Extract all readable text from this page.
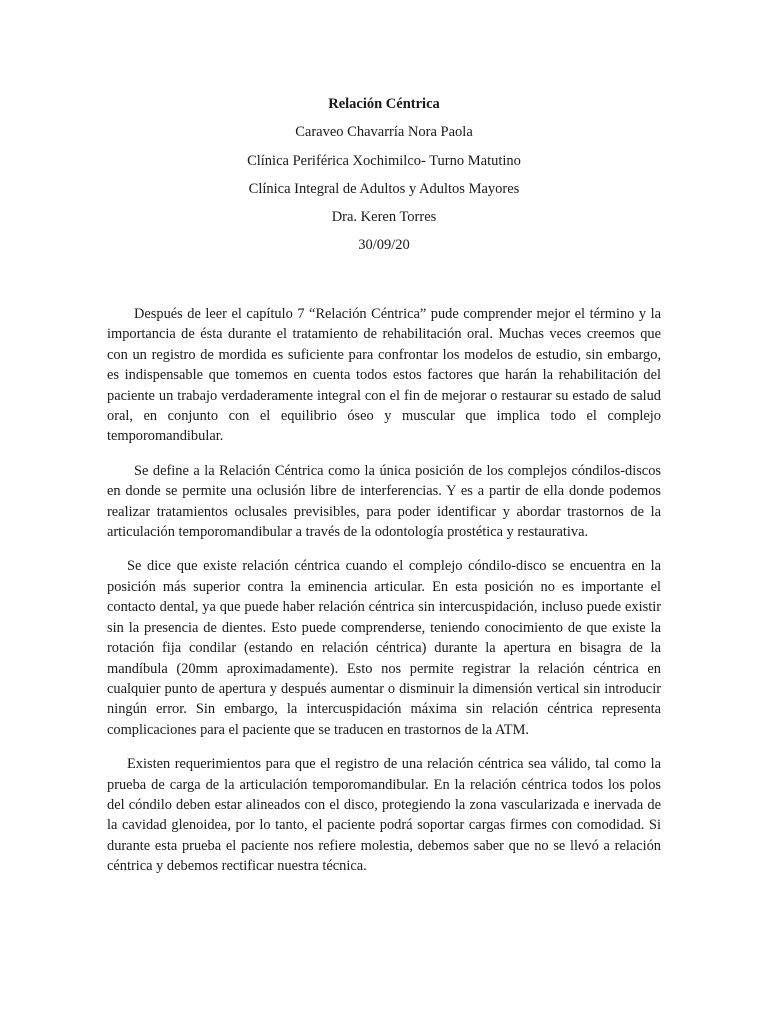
Relación Céntrica
Caraveo Chavarría Nora Paola
Clínica Periférica Xochimilco- Turno Matutino
Clínica Integral de Adultos y Adultos Mayores
Dra. Keren Torres
30/09/20

Después de leer el capítulo 7 “Relación Céntrica” pude comprender mejor el término y la importancia de ésta durante el tratamiento de rehabilitación oral. Muchas veces creemos que con un registro de mordida es suficiente para confrontar los modelos de estudio, sin embargo, es indispensable que tomemos en cuenta todos estos factores que harán la rehabilitación del paciente un trabajo verdaderamente integral con el fin de mejorar o restaurar su estado de salud oral, en conjunto con el equilibrio óseo y muscular que implica todo el complejo temporomandibular.

Se define a la Relación Céntrica como la única posición de los complejos cóndilos-discos en donde se permite una oclusión libre de interferencias. Y es a partir de ella donde podemos realizar tratamientos oclusales previsibles, para poder identificar y abordar trastornos de la articulación temporomandibular a través de la odontología prostética y restaurativa.

Se dice que existe relación céntrica cuando el complejo cóndilo-disco se encuentra en la posición más superior contra la eminencia articular. En esta posición no es importante el contacto dental, ya que puede haber relación céntrica sin intercuspidación, incluso puede existir sin la presencia de dientes. Esto puede comprenderse, teniendo conocimiento de que existe la rotación fija condilar (estando en relación céntrica) durante la apertura en bisagra de la mandíbula (20mm aproximadamente). Esto nos permite registrar la relación céntrica en cualquier punto de apertura y después aumentar o disminuir la dimensión vertical sin introducir ningún error. Sin embargo, la intercuspidación máxima sin relación céntrica representa complicaciones para el paciente que se traducen en trastornos de la ATM.

Existen requerimientos para que el registro de una relación céntrica sea válido, tal como la prueba de carga de la articulación temporomandibular. En la relación céntrica todos los polos del cóndilo deben estar alineados con el disco, protegiendo la zona vascularizada e inervada de la cavidad glenoidea, por lo tanto, el paciente podrá soportar cargas firmes con comodidad. Si durante esta prueba el paciente nos refiere molestia, debemos saber que no se llevó a relación céntrica y debemos rectificar nuestra técnica.
